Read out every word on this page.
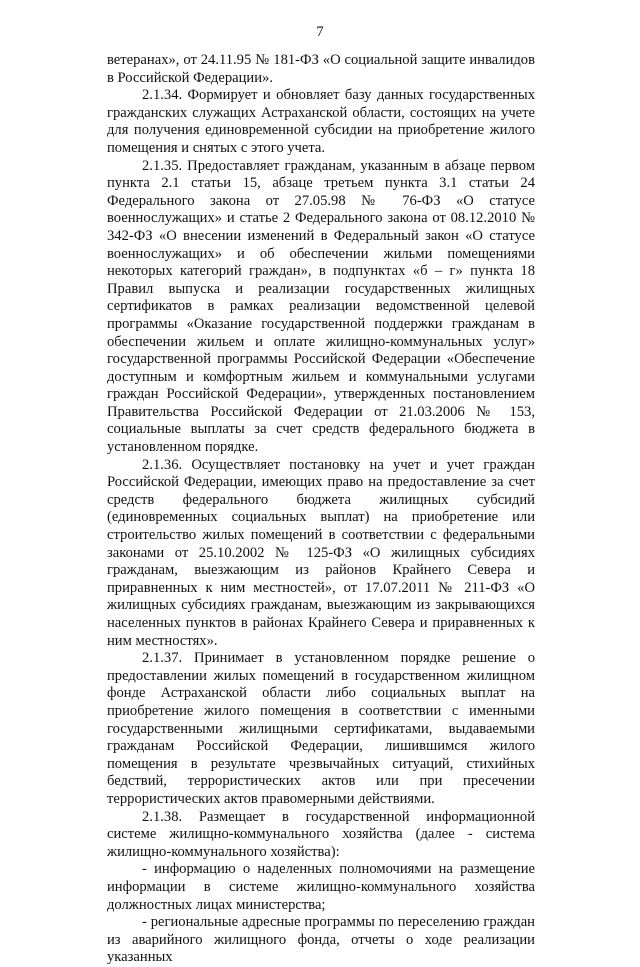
7

ветеранах», от 24.11.95 № 181-ФЗ «О социальной защите инвалидов в Российской Федерации».

2.1.34. Формирует и обновляет базу данных государственных гражданских служащих Астраханской области, состоящих на учете для получения единовременной субсидии на приобретение жилого помещения и снятых с этого учета.

2.1.35. Предоставляет гражданам, указанным в абзаце первом пункта 2.1 статьи 15, абзаце третьем пункта 3.1 статьи 24 Федерального закона от 27.05.98 № 76-ФЗ «О статусе военнослужащих» и статье 2 Федерального закона от 08.12.2010 № 342-ФЗ «О внесении изменений в Федеральный закон «О статусе военнослужащих» и об обеспечении жильми помещениями некоторых категорий граждан», в подпунктах «б – г» пункта 18 Правил выпуска и реализации государственных жилищных сертификатов в рамках реализации ведомственной целевой программы «Оказание государственной поддержки гражданам в обеспечении жильем и оплате жилищно-коммунальных услуг» государственной программы Российской Федерации «Обеспечение доступным и комфортным жильем и коммунальными услугами граждан Российской Федерации», утвержденных постановлением Правительства Российской Федерации от 21.03.2006 № 153, социальные выплаты за счет средств федерального бюджета в установленном порядке.

2.1.36. Осуществляет постановку на учет и учет граждан Российской Федерации, имеющих право на предоставление за счет средств федерального бюджета жилищных субсидий (единовременных социальных выплат) на приобретение или строительство жилых помещений в соответствии с федеральными законами от 25.10.2002 № 125-ФЗ «О жилищных субсидиях гражданам, выезжающим из районов Крайнего Севера и приравненных к ним местностей», от 17.07.2011 № 211-ФЗ «О жилищных субсидиях гражданам, выезжающим из закрывающихся населенных пунктов в районах Крайнего Севера и приравненных к ним местностях».

2.1.37. Принимает в установленном порядке решение о предоставлении жилых помещений в государственном жилищном фонде Астраханской области либо социальных выплат на приобретение жилого помещения в соответствии с именными государственными жилищными сертификатами, выдаваемыми гражданам Российской Федерации, лишившимся жилого помещения в результате чрезвычайных ситуаций, стихийных бедствий, террористических актов или при пресечении террористических актов правомерными действиями.

2.1.38. Размещает в государственной информационной системе жилищно-коммунального хозяйства (далее - система жилищно-коммунального хозяйства):

- информацию о наделенных полномочиями на размещение информации в системе жилищно-коммунального хозяйства должностных лицах министерства;

- региональные адресные программы по переселению граждан из аварийного жилищного фонда, отчеты о ходе реализации указанных
